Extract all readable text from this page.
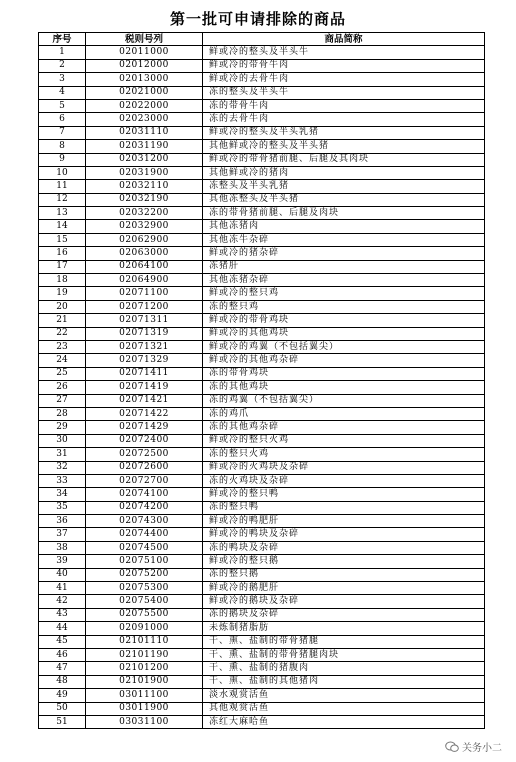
第一批可申请排除的商品
序号	税则号列	商品简称
1	02011000	鲜或冷的整头及半头牛
2	02012000	鲜或冷的带骨牛肉
3	02013000	鲜或冷的去骨牛肉
4	02021000	冻的整头及半头牛
5	02022000	冻的带骨牛肉
6	02023000	冻的去骨牛肉
7	02031110	鲜或冷的整头及半头乳猪
8	02031190	其他鲜或冷的整头及半头猪
9	02031200	鲜或冷的带骨猪前腿、后腿及其肉块
10	02031900	其他鲜或冷的猪肉
11	02032110	冻整头及半头乳猪
12	02032190	其他冻整头及半头猪
13	02032200	冻的带骨猪前腿、后腿及肉块
14	02032900	其他冻猪肉
15	02062900	其他冻牛杂碎
16	02063000	鲜或冷的猪杂碎
17	02064100	冻猪肝
18	02064900	其他冻猪杂碎
19	02071100	鲜或冷的整只鸡
20	02071200	冻的整只鸡
21	02071311	鲜或冷的带骨鸡块
22	02071319	鲜或冷的其他鸡块
23	02071321	鲜或冷的鸡翼（不包括翼尖）
24	02071329	鲜或冷的其他鸡杂碎
25	02071411	冻的带骨鸡块
26	02071419	冻的其他鸡块
27	02071421	冻的鸡翼（不包括翼尖）
28	02071422	冻的鸡爪
29	02071429	冻的其他鸡杂碎
30	02072400	鲜或冷的整只火鸡
31	02072500	冻的整只火鸡
32	02072600	鲜或冷的火鸡块及杂碎
33	02072700	冻的火鸡块及杂碎
34	02074100	鲜或冷的整只鸭
35	02074200	冻的整只鸭
36	02074300	鲜或冷的鸭肥肝
37	02074400	鲜或冷的鸭块及杂碎
38	02074500	冻的鸭块及杂碎
39	02075100	鲜或冷的整只鹅
40	02075200	冻的整只鹅
41	02075300	鲜或冷的鹅肥肝
42	02075400	鲜或冷的鹅块及杂碎
43	02075500	冻的鹅块及杂碎
44	02091000	未炼制猪脂肪
45	02101110	干、熏、盐制的带骨猪腿
46	02101190	干、熏、盐制的带骨猪腿肉块
47	02101200	干、熏、盐制的猪腹肉
48	02101900	干、熏、盐制的其他猪肉
49	03011100	淡水观赏活鱼
50	03011900	其他观赏活鱼
51	03031100	冻红大麻哈鱼
关务小二
